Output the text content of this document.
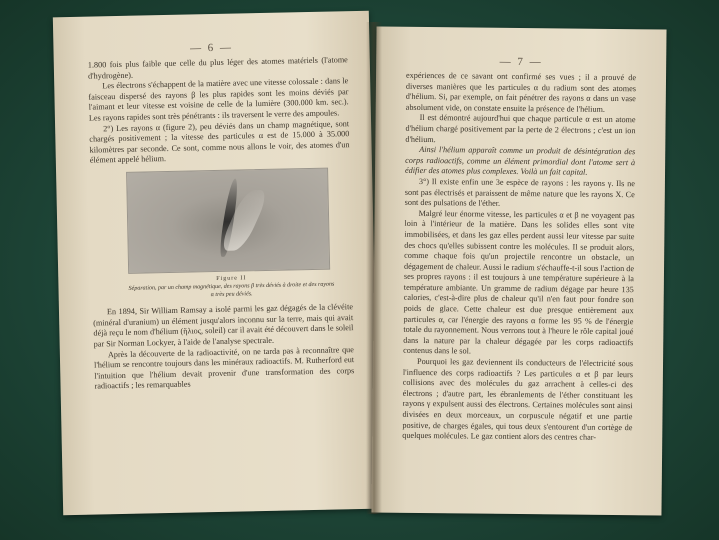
— 6 —

1.800 fois plus faible que celle du plus léger des atomes matériels (l'atome d'hydrogène).

Les électrons s'échappent de la matière avec une vitesse colossale : dans le faisceau dispersé des rayons β les plus rapides sont les moins déviés par l'aimant et leur vitesse est voisine de celle de la lumière (300.000 km. sec.). Les rayons rapides sont très pénétrants : ils traversent le verre des ampoules.

2°) Les rayons α (figure 2), peu déviés dans un champ magnétique, sont chargés positivement ; la vitesse des particules α est de 15.000 à 35.000 kilomètres par seconde. Ce sont, comme nous allons le voir, des atomes d'un élément appelé hélium.

Figure II
Séparation, par un champ magnétique, des rayons β très déviés à droite et des rayons α très peu déviés.

En 1894, Sir William Ramsay a isolé parmi les gaz dégagés de la clévéite (minéral d'uranium) un élément jusqu'alors inconnu sur la terre, mais qui avait déjà reçu le nom d'hélium (ἥλιος, soleil) car il avait été découvert dans le soleil par Sir Norman Lockyer, à l'aide de l'analyse spectrale.

Après la découverte de la radioactivité, on ne tarda pas à reconnaître que l'hélium se rencontre toujours dans les minéraux radioactifs. M. Rutherford eut l'intuition que l'hélium devait provenir d'une transformation des corps radioactifs ; les remarquables

— 7 —

expériences de ce savant ont confirmé ses vues ; il a prouvé de diverses manières que les particules α du radium sont des atomes d'hélium. Si, par exemple, on fait pénétrer des rayons α dans un vase absolument vide, on constate ensuite la présence de l'hélium.

Il est démontré aujourd'hui que chaque particule α est un atome d'hélium chargé positivement par la perte de 2 électrons ; c'est un ion d'hélium.

Ainsi l'hélium apparaît comme un produit de désintégration des corps radioactifs, comme un élément primordial dont l'atome sert à édifier des atomes plus complexes. Voilà un fait capital.

3°) Il existe enfin une 3e espèce de rayons : les rayons γ. Ils ne sont pas électrisés et paraissent de même nature que les rayons X. Ce sont des pulsations de l'éther.

Malgré leur énorme vitesse, les particules α et β ne voyagent pas loin à l'intérieur de la matière. Dans les solides elles sont vite immobilisées, et dans les gaz elles perdent aussi leur vitesse par suite des chocs qu'elles subissent contre les molécules. Il se produit alors, comme chaque fois qu'un projectile rencontre un obstacle, un dégagement de chaleur. Aussi le radium s'échauffe-t-il sous l'action de ses propres rayons : il est toujours à une température supérieure à la température ambiante. Un gramme de radium dégage par heure 135 calories, c'est-à-dire plus de chaleur qu'il n'en faut pour fondre son poids de glace. Cette chaleur est due presque entièrement aux particules α, car l'énergie des rayons α forme les 95 % de l'énergie totale du rayonnement. Nous verrons tout à l'heure le rôle capital joué dans la nature par la chaleur dégagée par les corps radioactifs contenus dans le sol.

Pourquoi les gaz deviennent ils conducteurs de l'électricité sous l'influence des corps radioactifs ? Les particules α et β par leurs collisions avec des molécules du gaz arrachent à celles-ci des électrons ; d'autre part, les ébranlements de l'éther constituant les rayons γ expulsent aussi des électrons. Certaines molécules sont ainsi divisées en deux morceaux, un corpuscule négatif et une partie positive, de charges égales, qui tous deux s'entourent d'un cortège de quelques molécules. Le gaz contient alors des centres char-
